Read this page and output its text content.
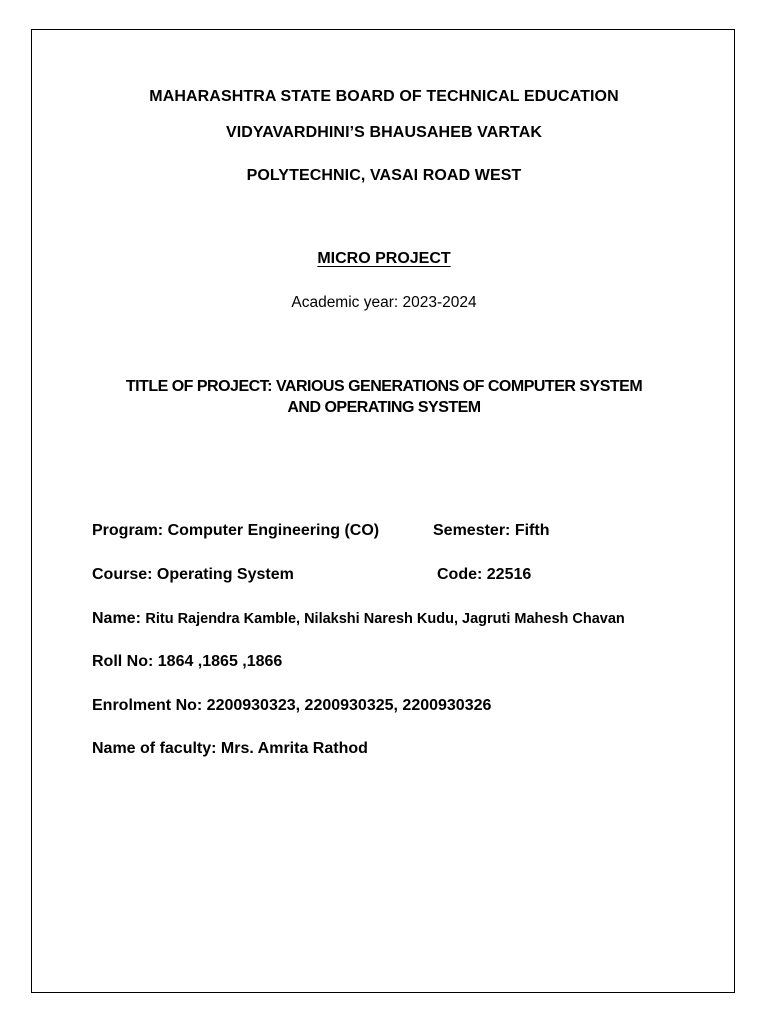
MAHARASHTRA STATE BOARD OF TECHNICAL EDUCATION
VIDYAVARDHINI’S BHAUSAHEB VARTAK
POLYTECHNIC, VASAI ROAD WEST
MICRO PROJECT
Academic year: 2023-2024
TITLE OF PROJECT: VARIOUS GENERATIONS OF COMPUTER SYSTEM
AND OPERATING SYSTEM
Program: Computer Engineering (CO)	Semester: Fifth
Course: Operating System	Code: 22516
Name: Ritu Rajendra Kamble, Nilakshi Naresh Kudu, Jagruti Mahesh Chavan
Roll No: 1864 ,1865 ,1866
Enrolment No: 2200930323, 2200930325, 2200930326
Name of faculty: Mrs. Amrita Rathod
